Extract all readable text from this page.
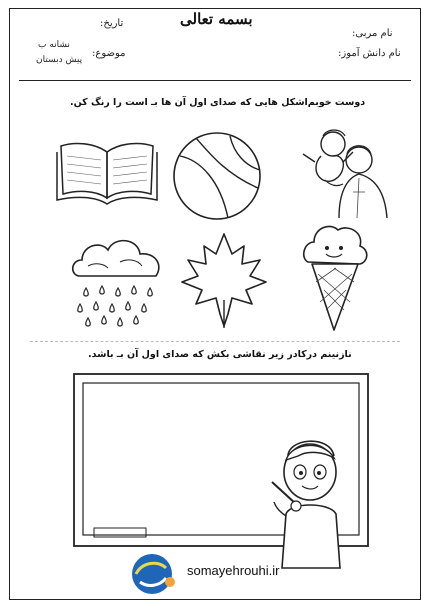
بسمه تعالی
تاریخ:
نام مربی:
نام دانش آموز:
موضوع:
نشانه ب
پیش دبستان
دوست خوبم‌اشکل هایی که صدای اول آن ها بـ است را رنگ کن.
نازنینم درکادر زیر نقاشی بکش که صدای اول آن بـ باشد.
somayehrouhi.ir
